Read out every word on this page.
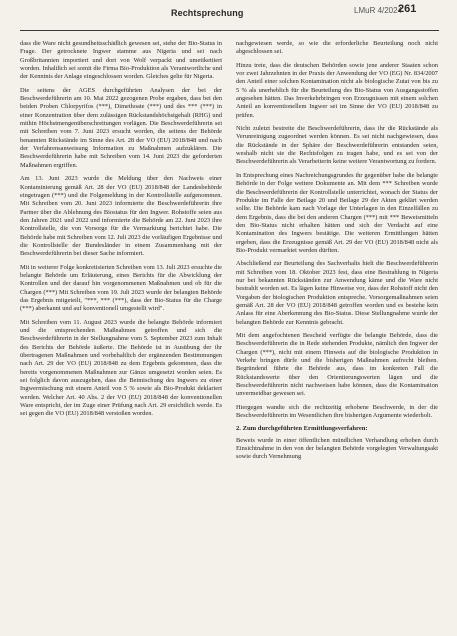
Rechtsprechung	LMuR 4/2024
261

dass die Ware nicht gesundheitsschädlich gewesen sei, stehe der Bio-Status in Frage. Der getrocknete Ingwer stamme aus Nigeria und sei nach Großbritannien importiert und dort von Wolf verpackt und umetikettiert worden. Inhaltlich sei somit die Firma Bio-Produktion als Verantwortliche und der Kenntnis der Anlage eingeschlossen worden. Gleiches gelte für Nigeria.

Die seitens der AGES durchgeführten Analysen der bei der Beschwerdeführerin am 10. Mai 2022 gezogenen Probe ergaben, dass bei den beiden Proben Chlorpyrifos (***), Dimethoate (***) und des *** (***) in einer Konzentration über dem zulässigen Rückstandshöchstgehalt (RHG) und mithin Höchstmengenüberschreitungen vorlägen. Die Beschwerdeführerin sei mit Schreiben vom 7. Juni 2023 ersucht worden, die seitens der Behörde benannten Rückstände im Sinne des Art. 28 der VO (EU) 2018/848 und nach der Verfahrensanweisung Information zu Maßnahmen aufzuklären. Die Beschwerdeführerin habe mit Schreiben vom 14. Juni 2023 die geforderten Maßnahmen ergriffen.

Am 13. Juni 2023 wurde die Meldung über den Nachweis einer Kontaminierung gemäß Art. 28 der VO (EU) 2018/848 der Landesbehörde eingetragen (***) und die Folgemeldung in der Kontrollstelle aufgenommen. Mit Schreiben vom 20. Juni 2023 informierte die Beschwerdeführerin ihre Partner über die Ablehnung des Biostatus für den Ingwer. Rohstoffe seien aus den Jahren 2021 und 2022 und informierte die Behörde am 22. Juni 2023 ihre Kontrollstelle, die von Vorsorge für die Vermarktung berichtet habe. Die Behörde habe mit Schreiben vom 12. Juli 2023 die vorläufigen Ergebnisse und die Kontrollstelle der Bundesländer in einem Zusammenhang mit der Beschwerdeführerin bei dieser Sache informiert.

Mit in weiterer Folge konkretisierten Schreiben vom 13. Juli 2023 ersuchte die belangte Behörde um Erläuterung, eines Berichts für die Abwicklung der Kontrollen und der darauf hin vorgenommenen Maßnahmen und ob für die Chargen (***) Mit Schreiben vom 19. Juli 2023 wurde der belangten Behörde das Ergebnis mitgeteilt, "***, *** (***), dass der Bio-Status für die Charge (***) aberkannt und auf konventionell umgestellt wird".

Mit Schreiben vom 11. August 2023 wurde die belangte Behörde informiert und die entsprechenden Maßnahmen getroffen und sich die Beschwerdeführerin in der Stellungnahme vom 5. September 2023 zum Inhalt des Berichts der Behörde äußerte. Die Behörde ist in Ausübung der ihr übertragenen Maßnahmen und vorbehaltlich der ergänzenden Bestimmungen nach Art. 29 der VO (EU) 2018/848 zu dem Ergebnis gekommen, dass die bereits vorgenommenen Maßnahmen zur Gänze umgesetzt worden seien. Es sei folglich davon auszugehen, dass die Beimischung des Ingwers zu einer Ingwermischung mit einem Anteil von 5 % sowie als Bio-Produkt deklariert werden. Welcher Art. 40 Abs. 2 der VO (EU) 2018/848 der konventionellen Ware entspricht, der im Zuge einer Prüfung nach Art. 29 ersichtlich werde. Es sei gegen die VO (EU) 2018/848 verstoßen worden.

nachgewiesen werde, so wie die erforderliche Beurteilung noch nicht abgeschlossen sei.

Hinzu trete, dass die deutschen Behörden sowie jene anderer Staaten schon vor zwei Jahrzehnten in der Praxis der Anwendung der VO (EG) Nr. 834/2007 den Anteil einer solchen Kontamination nicht als biologische Zutat von bis zu 5 % als unerheblich für die Beurteilung des Bio-Status von Ausgangsstoffen angesehen hätten. Das Inverkehrbringen von Erzeugnissen mit einem solchen Anteil an konventionellem Ingwer sei im Sinne der VO (EU) 2018/848 zu prüfen.

Nicht zuletzt bestreite die Beschwerdeführerin, dass ihr die Rückstände als Verunreinigung zugeordnet werden können. Es sei nicht nachgewiesen, dass die Rückstände in der Sphäre der Beschwerdeführerin entstanden seien, weshalb nicht sie die Rechtsfolgen zu tragen habe, und es sei von der Beschwerdeführerin als Verarbeiterin keine weitere Verantwortung zu fordern.

In Entsprechung eines Nachreichungsgrundes ihr gegenüber habe die belangte Behörde in der Folge weitere Dokumente an. Mit dem *** Schreiben wurde die Beschwerdeführerin der Kontrollstelle unterrichtet, wonach der Status der Produkte im Falle der Beilage 20 und Beilage 29 der Akten geklärt werden sollte. Die Behörde kam nach Vorlage der Unterlagen in den Einzelfällen zu dem Ergebnis, dass die bei den anderen Chargen (***) mit *** Beweismitteln den Bio-Status nicht erhalten hätten und sich der Verdacht auf eine Kontamination des Ingwers bestätige. Die weiteren Ermittlungen hätten ergeben, dass die Erzeugnisse gemäß Art. 29 der VO (EU) 2018/848 nicht als Bio-Produkt vermarktet werden dürften.

Abschließend zur Beurteilung des Sachverhalts hielt die Beschwerdeführerin mit Schreiben vom 18. Oktober 2023 fest, dass eine Bestrahlung in Nigeria nur bei bekannten Rückständen zur Anwendung käme und die Ware nicht bestrahlt worden sei. Es lägen keine Hinweise vor, dass der Rohstoff nicht den Vorgaben der biologischen Produktion entspreche. Vorsorgemaßnahmen seien gemäß Art. 28 der VO (EU) 2018/848 getroffen worden und es bestehe kein Anlass für eine Aberkennung des Bio-Status. Diese Stellungnahme wurde der belangten Behörde zur Kenntnis gebracht.

Mit dem angefochtenen Bescheid verfügte die belangte Behörde, dass die Beschwerdeführerin die in Rede stehenden Produkte, nämlich den Ingwer der Chargen (***), nicht mit einem Hinweis auf die biologische Produktion in Verkehr bringen dürfe und die bisherigen Maßnahmen aufrecht bleiben. Begründend führte die Behörde aus, dass im konkreten Fall die Rückstandswerte über den Orientierungswerten lägen und die Beschwerdeführerin nicht nachweisen habe können, dass die Kontamination unvermeidbar gewesen sei.

Hiergegen wandte sich die rechtzeitig erhobene Beschwerde, in der die Beschwerdeführerin im Wesentlichen ihre bisherigen Argumente wiederholt.

2. Zum durchgeführten Ermittlungsverfahren:

Beweis wurde in einer öffentlichen mündlichen Verhandlung erhoben durch Einsichtnahme in den von der belangten Behörde vorgelegten Verwaltungsakt sowie durch Vernehmung
